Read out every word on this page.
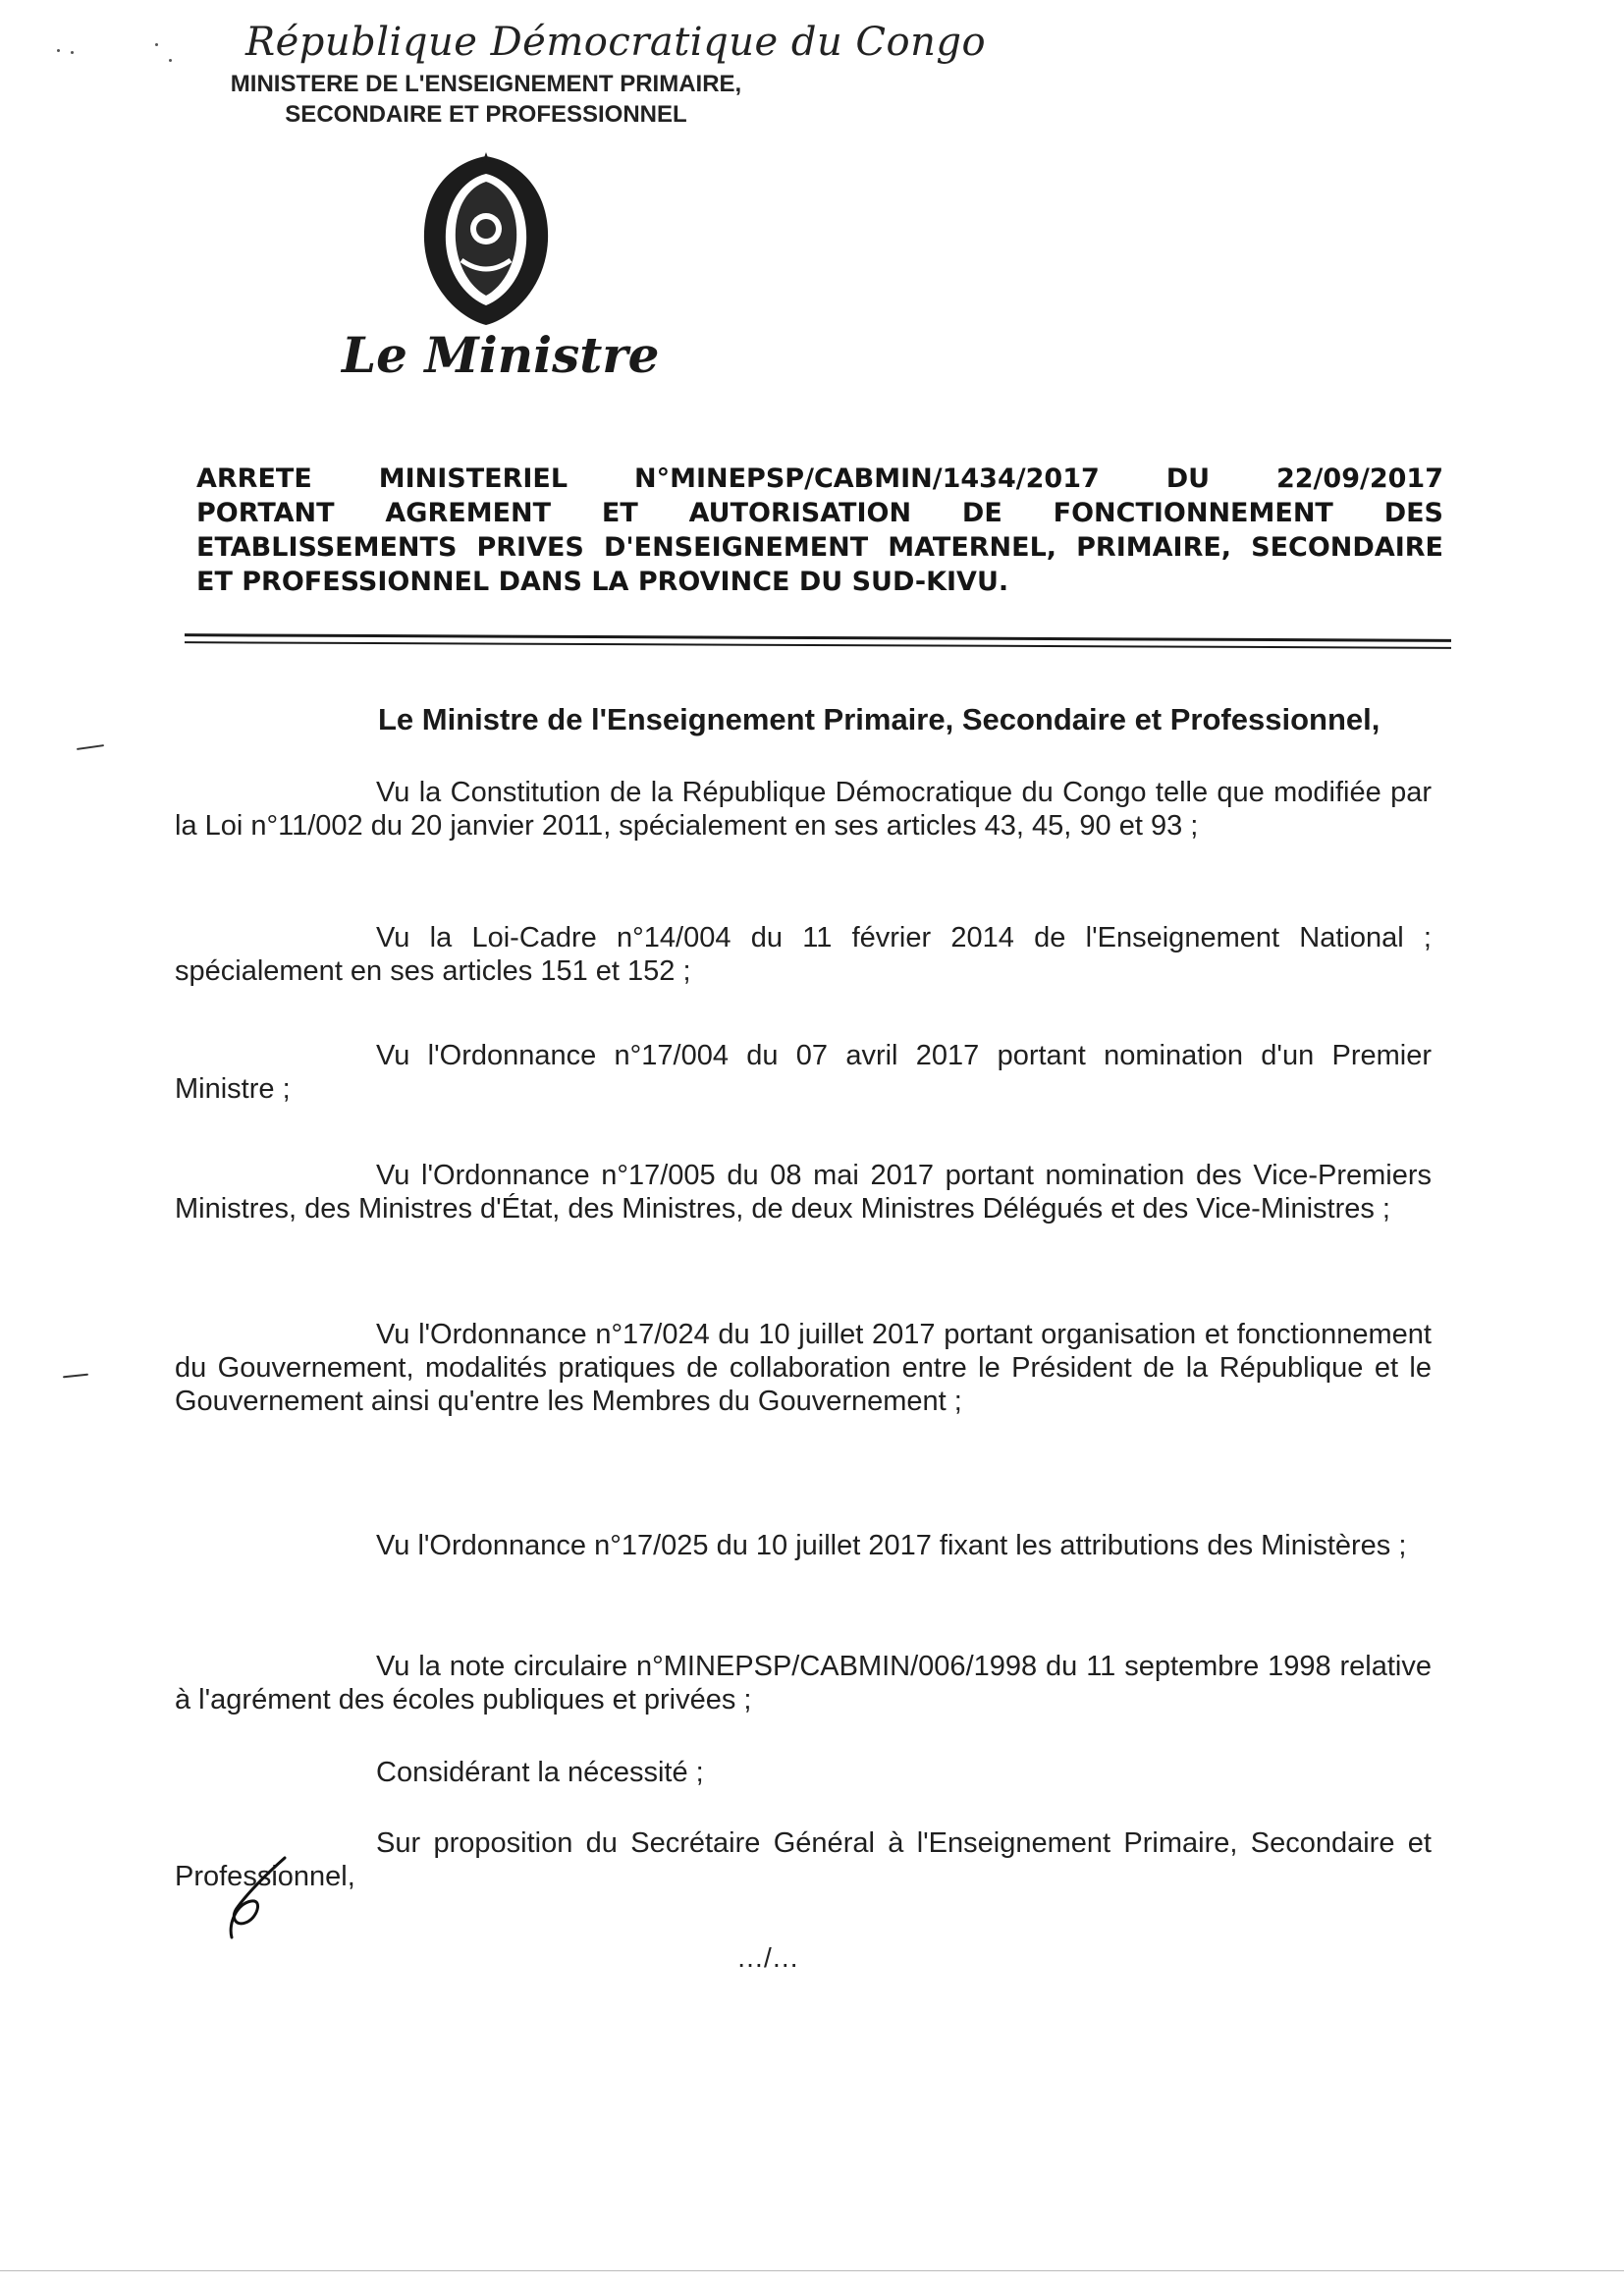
République Démocratique du Congo
MINISTERE DE L'ENSEIGNEMENT PRIMAIRE,
SECONDAIRE ET PROFESSIONNEL
Le Ministre
ARRETE MINISTERIEL N°MINEPSP/CABMIN/1434/2017 DU 22/09/2017
PORTANT AGREMENT ET AUTORISATION DE FONCTIONNEMENT DES
ETABLISSEMENTS PRIVES D'ENSEIGNEMENT MATERNEL, PRIMAIRE, SECONDAIRE
ET PROFESSIONNEL DANS LA PROVINCE DU SUD-KIVU.
Le Ministre de l'Enseignement Primaire, Secondaire et Professionnel,
Vu la Constitution de la République Démocratique du Congo telle que modifiée par la Loi n°11/002 du 20 janvier 2011, spécialement en ses articles 43, 45, 90 et 93 ;
Vu la Loi-Cadre n°14/004 du 11 février 2014 de l'Enseignement National ; spécialement en ses articles 151 et 152 ;
Vu l'Ordonnance n°17/004 du 07 avril 2017 portant nomination d'un Premier Ministre ;
Vu l'Ordonnance n°17/005 du 08 mai 2017 portant nomination des Vice-Premiers Ministres, des Ministres d'État, des Ministres, de deux Ministres Délégués et des Vice-Ministres ;
Vu l'Ordonnance n°17/024 du 10 juillet 2017 portant organisation et fonctionnement du Gouvernement, modalités pratiques de collaboration entre le Président de la République et le Gouvernement ainsi qu'entre les Membres du Gouvernement ;
Vu l'Ordonnance n°17/025 du 10 juillet 2017 fixant les attributions des Ministères ;
Vu la note circulaire n°MINEPSP/CABMIN/006/1998 du 11 septembre 1998 relative à l'agrément des écoles publiques et privées ;
Considérant la nécessité ;
Sur proposition du Secrétaire Général à l'Enseignement Primaire, Secondaire et Professionnel,
…/…
